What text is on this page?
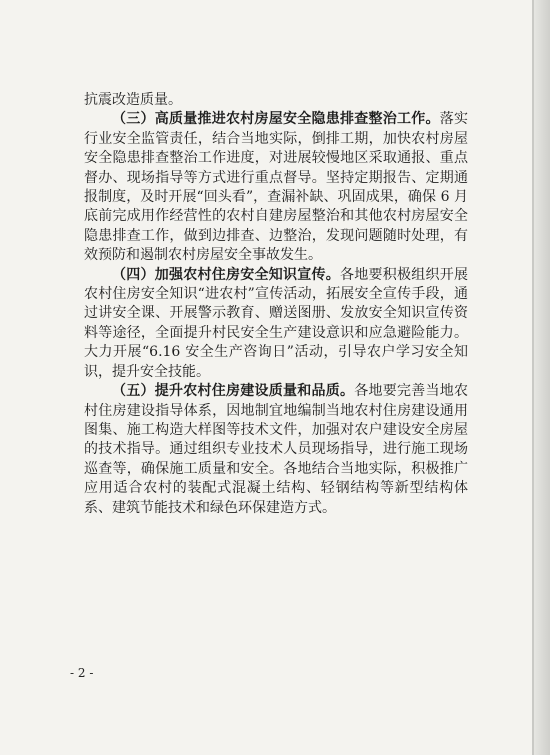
抗震改造质量。

（三）高质量推进农村房屋安全隐患排查整治工作。落实行业安全监管责任，结合当地实际，倒排工期，加快农村房屋安全隐患排查整治工作进度，对进展较慢地区采取通报、重点督办、现场指导等方式进行重点督导。坚持定期报告、定期通报制度，及时开展“回头看”，查漏补缺、巩固成果，确保 6 月底前完成用作经营性的农村自建房屋整治和其他农村房屋安全隐患排查工作，做到边排查、边整治，发现问题随时处理，有效预防和遏制农村房屋安全事故发生。

（四）加强农村住房安全知识宣传。各地要积极组织开展农村住房安全知识“进农村”宣传活动，拓展安全宣传手段，通过讲安全课、开展警示教育、赠送图册、发放安全知识宣传资料等途径，全面提升村民安全生产建设意识和应急避险能力。大力开展“6.16 安全生产咨询日”活动，引导农户学习安全知识，提升安全技能。

（五）提升农村住房建设质量和品质。各地要完善当地农村住房建设指导体系，因地制宜地编制当地农村住房建设通用图集、施工构造大样图等技术文件，加强对农户建设安全房屋的技术指导。通过组织专业技术人员现场指导，进行施工现场巡查等，确保施工质量和安全。各地结合当地实际，积极推广应用适合农村的装配式混凝土结构、轻钢结构等新型结构体系、建筑节能技术和绿色环保建造方式。

- 2 -
